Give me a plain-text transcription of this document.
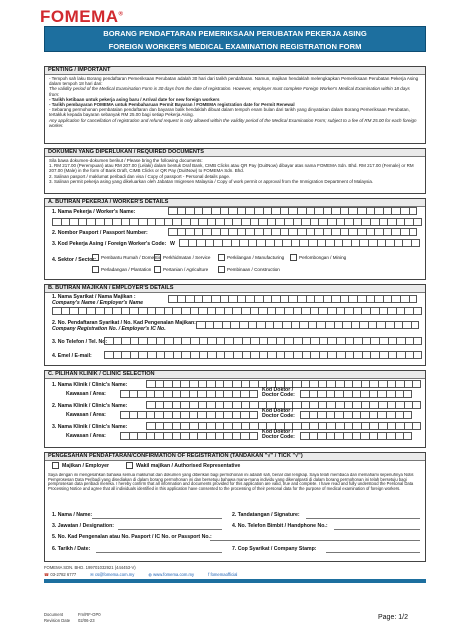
FOMEMA®
BORANG PENDAFTARAN PEMERIKSAAN PERUBATAN PEKERJA ASING
FOREIGN WORKER'S MEDICAL EXAMINATION REGISTRATION FORM
PENTING / IMPORTANT
- Tempoh sah laku Borang pendaftaran Pemeriksaan Perubatan adalah 30 hari dari tarikh pendaftaran. Namun, majikan hendaklah melengkapkan Pemeriksaan Perubatan Pekerja Asing dalam tempoh 18 hari dari:
The validity period of the Medical Examination Form is 30 days from the date of registration. However, employer must complete Foreign Worker's Medical Examination within 18 days from:
- Tarikh ketibaan untuk pekerja asing baru / Arrival date for new foreign workers
- Tarikh pembayaran FOMEMA untuk Pembaharuan Permit Bayaran / FOMEMA registration date for Permit Renewal
- Sebarang permohonan pembatalan pendaftaran dan bayaran balik hendaklah dibuat dalam tempoh enam bulan dari tarikh yang dinyatakan dalam Borang Pemeriksaan Perubatan, tertakluk kepada bayaran sebanyak RM 25.00 bagi setiap Pekerja Asing.
Any application for cancellation of registration and refund request is only allowed within the validity period of the Medical Examination Form; subject to a fee of RM 25.00 for each foreign worker.
DOKUMEN YANG DIPERLUKAN / REQUIRED DOCUMENTS
Sila bawa dokumen-dokumen berikut / Please bring the following documents:
1. RM 217.00 (Perempuan) atau RM 207.00 (Lelaki) dalam bentuk Draf Bank, CIMB Clicks atau QR Pay (DuitNow) dibayar atas nama FOMEMA Sdn. Bhd. RM 217.00 (Female) or RM 207.00 (Male) in the form of Bank Draft, CIMB Clicks or QR Pay (DuitNow) to FOMEMA Sdn. Bhd.
2. Salinan pasport / maklumat peribadi dan visa / Copy of passport - Personal details page.
3. Salinan permit pekerja asing yang dikeluarkan oleh Jabatan Imigresen Malaysia / Copy of work permit or approval from the Immigration Department of Malaysia.
A. BUTIRAN PEKERJA / WORKER'S DETAILS
1. Nama Pekerja / Worker's Name:
2. Nombor Pasport / Passport Number:
3. Kod Pekerja Asing / Foreign Worker's Code: W
4. Sektor / Sector: Pembantu Rumah / Domestic Perkhidmatan / Service	Perkilangan / Manufacturing	Perlombongan / Mining
Perladangan / Plantation	Pertanian / Agriculture	Pembinaan / Construction
B. BUTIRAN MAJIKAN / EMPLOYER'S DETAILS
1. Nama Syarikat / Nama Majikan :
Company's Name / Employer's Name
2. No. Pendaftaran Syarikat / No. Kad Pengenalan Majikan:
Company Registration No. / Employer's IC No.
3. No Telefon / Tel. No:
4. Emel / E-mail:
C. PILIHAN KLINIK / CLINIC SELECTION
1. Nama Klinik / Clinic's Name:
Kawasan / Area:
Kod Doktor / Doctor Code:
2. Nama Klinik / Clinic's Name:
Kawasan / Area:
Kod Doktor / Doctor Code:
3. Nama Klinik / Clinic's Name:
Kawasan / Area:
Kod Doktor / Doctor Code:
PENGESAHAN PENDAFTARAN/CONFIRMATION OF REGISTRATION (TANDAKAN "√" / TICK "√")
Majikan / Employer	Wakil majikan / Authorised Representative
Saya dengan ini mengesahkan bahawa semua maklumat dan dokumen yang diberikan bagi permohonan ini adalah sah, benar dan lengkap. Saya telah membaca dan memahami sepenuhnya Notis Pemprosesan Data Peribadi yang disediakan di dalam borang permohonan ini dan bersetuju bahawa mana-mana individu yang dikenalpasti di dalam borang permohonan ini telah bersetuju bagi pemprosesan data peribadi mereka. I hereby confirm that all information and documents provided for this application are valid, true and complete. I have read and fully understood the Personal Data Processing Notice and agree that all individuals identified in this application have consented to the processing of their personal data for the purpose of medical examination of foreign workers.
1. Nama / Name:	2. Tandatangan / Signature:
3. Jawatan / Designation:	4. No. Telefon Bimbit / Handphone No.:
5. No. Kad Pengenalan atau No. Pasport / IC No. or Passport No.:
6. Tarikh / Date:	7. Cop Syarikat / Company Stamp:
FOMEMA SDN. BHD. 199701032921 (444453-V)
☎ 03-2782 6777	✉ cs@fomema.com.my	◍ www.fomema.com.my	f fomemaofficial
Document
Revision Date
Fm/RF-OP0
02/06-23	Page: 1/2
